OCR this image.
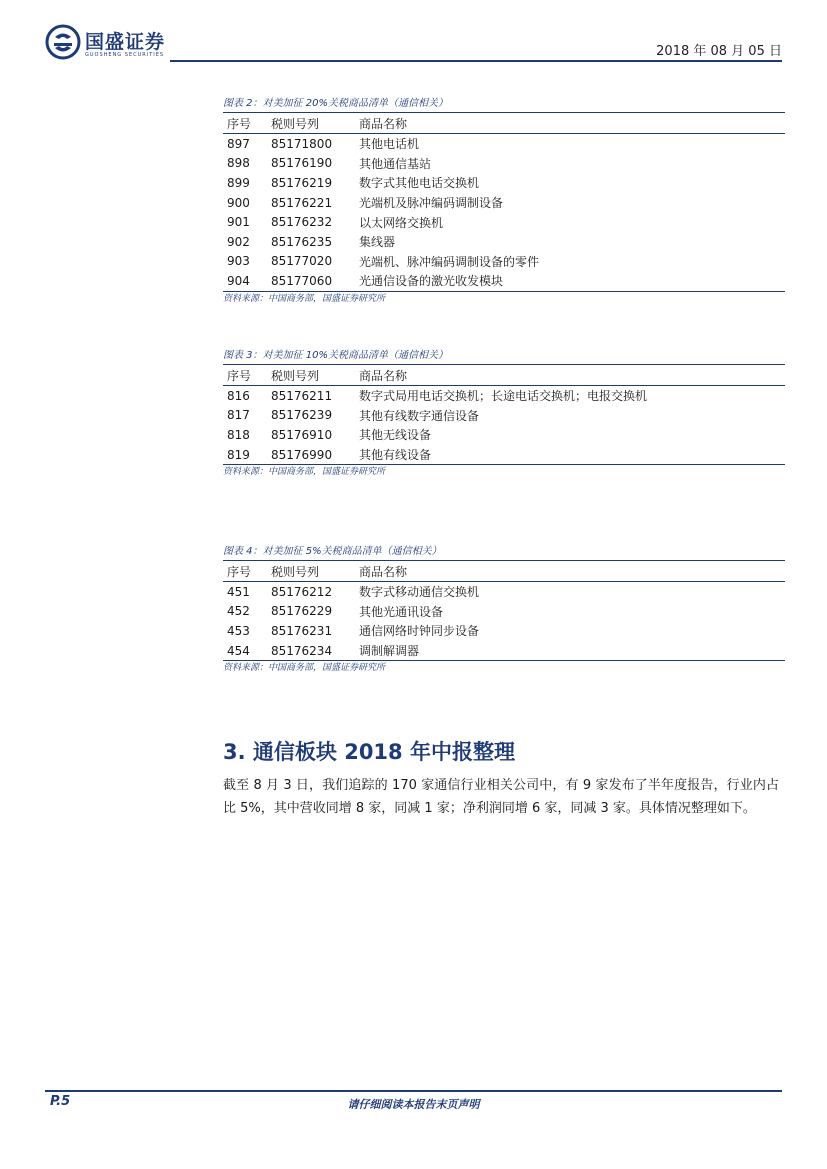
国盛证券
GUOSHENG SECURITIES	2018 年 08 月 05 日
图表 2：对美加征 20%关税商品清单（通信相关）
序号	税则号列	商品名称
897	85171800	其他电话机
898	85176190	其他通信基站
899	85176219	数字式其他电话交换机
900	85176221	光端机及脉冲编码调制设备
901	85176232	以太网络交换机
902	85176235	集线器
903	85177020	光端机、脉冲编码调制设备的零件
904	85177060	光通信设备的激光收发模块
资料来源：中国商务部，国盛证券研究所
图表 3：对美加征 10%关税商品清单（通信相关）
序号	税则号列	商品名称
816	85176211	数字式局用电话交换机；长途电话交换机；电报交换机
817	85176239	其他有线数字通信设备
818	85176910	其他无线设备
819	85176990	其他有线设备
资料来源：中国商务部，国盛证券研究所
图表 4：对美加征 5%关税商品清单（通信相关）
序号	税则号列	商品名称
451	85176212	数字式移动通信交换机
452	85176229	其他光通讯设备
453	85176231	通信网络时钟同步设备
454	85176234	调制解调器
资料来源：中国商务部，国盛证券研究所
3. 通信板块 2018 年中报整理
截至 8 月 3 日，我们追踪的 170 家通信行业相关公司中，有 9 家发布了半年度报告，行业内占比 5%，其中营收同增 8 家，同减 1 家；净利润同增 6 家，同减 3 家。具体情况整理如下。
P.5	请仔细阅读本报告末页声明
